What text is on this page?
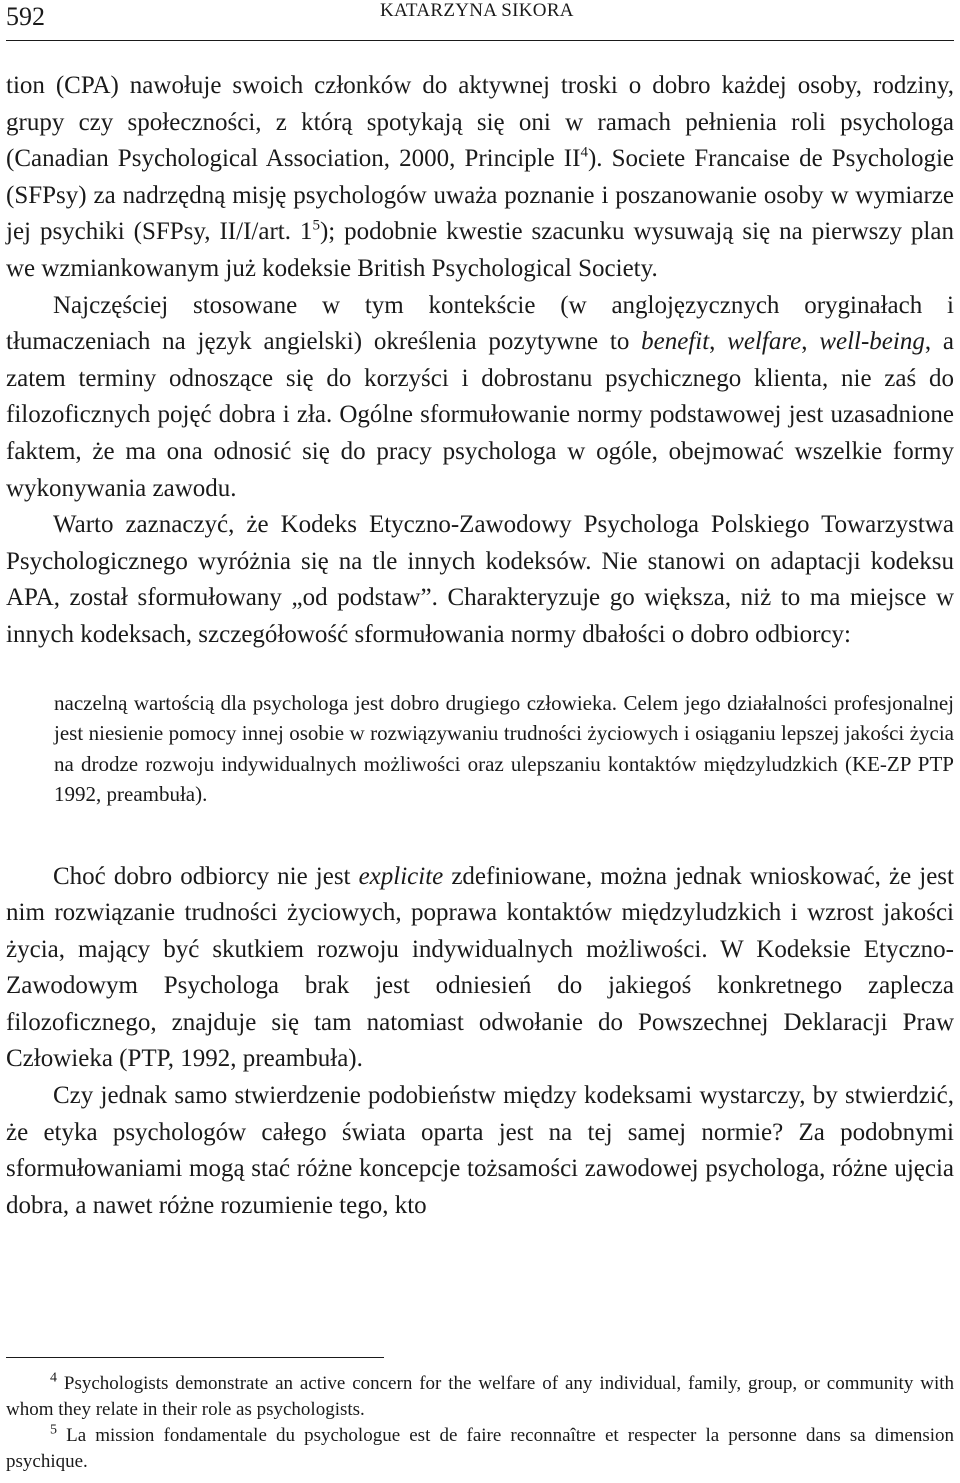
592	KATARZYNA SIKORA

tion (CPA) nawołuje swoich członków do aktywnej troski o dobro każdej osoby, rodziny, grupy czy społeczności, z którą spotykają się oni w ramach pełnienia roli psychologa (Canadian Psychological Association, 2000, Principle $II^4$). Societe Francaise de Psychologie (SFPsy) za nadrzędną misję psychologów uważa poznanie i poszanowanie osoby w wymiarze jej psychiki (SFPsy, II/I/art. $1^5$); podobnie kwestie szacunku wysuwają się na pierwszy plan we wzmiankowanym już kodeksie British Psychological Society.

Najczęściej stosowane w tym kontekście (w anglojęzycznych oryginałach i tłumaczeniach na język angielski) określenia pozytywne to benefit, welfare, well-being, a zatem terminy odnoszące się do korzyści i dobrostanu psychicznego klienta, nie zaś do filozoficznych pojęć dobra i zła. Ogólne sformułowanie normy podstawowej jest uzasadnione faktem, że ma ona odnosić się do pracy psychologa w ogóle, obejmować wszelkie formy wykonywania zawodu.

Warto zaznaczyć, że Kodeks Etyczno-Zawodowy Psychologa Polskiego Towarzystwa Psychologicznego wyróżnia się na tle innych kodeksów. Nie stanowi on adaptacji kodeksu APA, został sformułowany „od podstaw”. Charakteryzuje go większa, niż to ma miejsce w innych kodeksach, szczegółowość sformułowania normy dbałości o dobro odbiorcy:

naczelną wartością dla psychologa jest dobro drugiego człowieka. Celem jego działalności profesjonalnej jest niesienie pomocy innej osobie w rozwiązywaniu trudności życiowych i osiąganiu lepszej jakości życia na drodze rozwoju indywidualnych możliwości oraz ulepszaniu kontaktów międzyludzkich (KE-ZP PTP 1992, preambuła).

Choć dobro odbiorcy nie jest explicite zdefiniowane, można jednak wnioskować, że jest nim rozwiązanie trudności życiowych, poprawa kontaktów międzyludzkich i wzrost jakości życia, mający być skutkiem rozwoju indywidualnych możliwości. W Kodeksie Etyczno-Zawodowym Psychologa brak jest odniesień do jakiegoś konkretnego zaplecza filozoficznego, znajduje się tam natomiast odwołanie do Powszechnej Deklaracji Praw Człowieka (PTP, 1992, preambuła).

Czy jednak samo stwierdzenie podobieństw między kodeksami wystarczy, by stwierdzić, że etyka psychologów całego świata oparta jest na tej samej normie? Za podobnymi sformułowaniami mogą stać różne koncepcje tożsamości zawodowej psychologa, różne ujęcia dobra, a nawet różne rozumienie tego, kto

$^4$ Psychologists demonstrate an active concern for the welfare of any individual, family, group, or community with whom they relate in their role as psychologists.

$^5$ La mission fondamentale du psychologue est de faire reconnaître et respecter la personne dans sa dimension psychique.
